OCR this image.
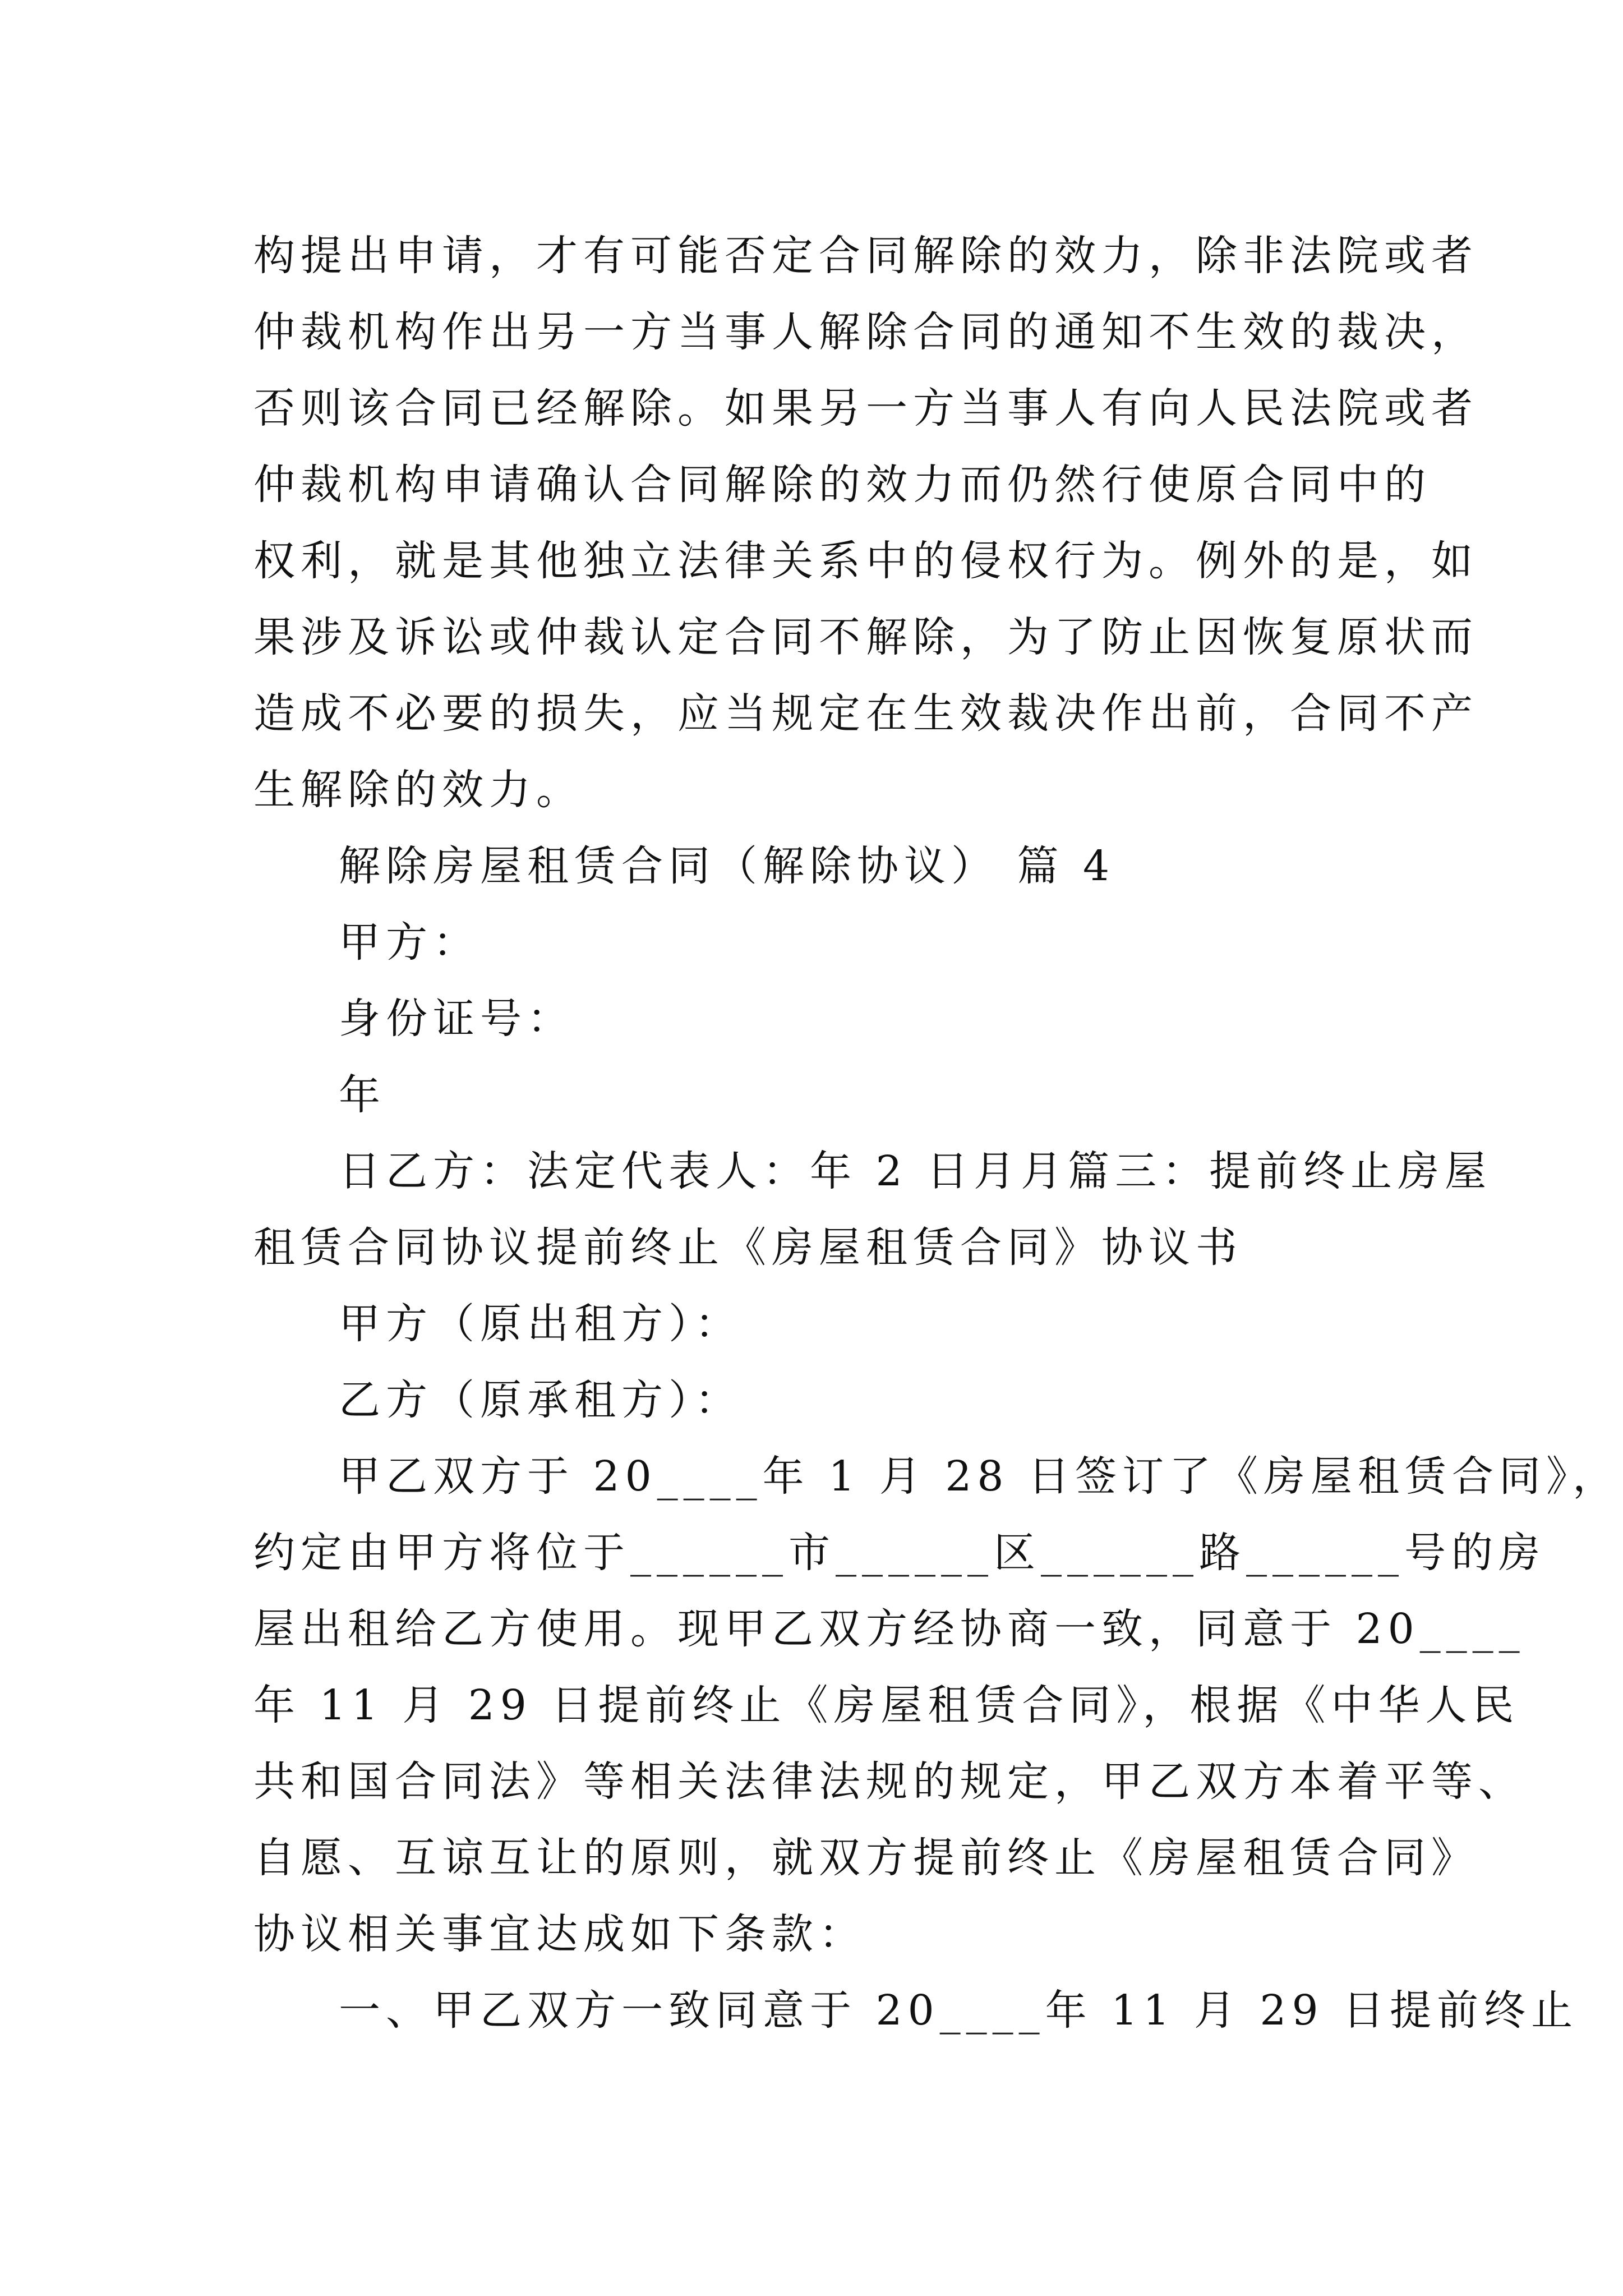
构提出申请，才有可能否定合同解除的效力，除非法院或者
仲裁机构作出另一方当事人解除合同的通知不生效的裁决，
否则该合同已经解除。如果另一方当事人有向人民法院或者
仲裁机构申请确认合同解除的效力而仍然行使原合同中的
权利，就是其他独立法律关系中的侵权行为。例外的是，如
果涉及诉讼或仲裁认定合同不解除，为了防止因恢复原状而
造成不必要的损失，应当规定在生效裁决作出前，合同不产
生解除的效力。
解除房屋租赁合同（解除协议） 篇 4
甲方：
身份证号：
年
日乙方：法定代表人：年 2 日月月篇三：提前终止房屋
租赁合同协议提前终止《房屋租赁合同》协议书
甲方（原出租方）：
乙方（原承租方）：
甲乙双方于 20____年 1 月 28 日签订了《房屋租赁合同》，
约定由甲方将位于______市______区______路______号的房
屋出租给乙方使用。现甲乙双方经协商一致，同意于 20____
年 11 月 29 日提前终止《房屋租赁合同》，根据《中华人民
共和国合同法》等相关法律法规的规定，甲乙双方本着平等、
自愿、互谅互让的原则，就双方提前终止《房屋租赁合同》
协议相关事宜达成如下条款：
一、甲乙双方一致同意于 20____年 11 月 29 日提前终止
